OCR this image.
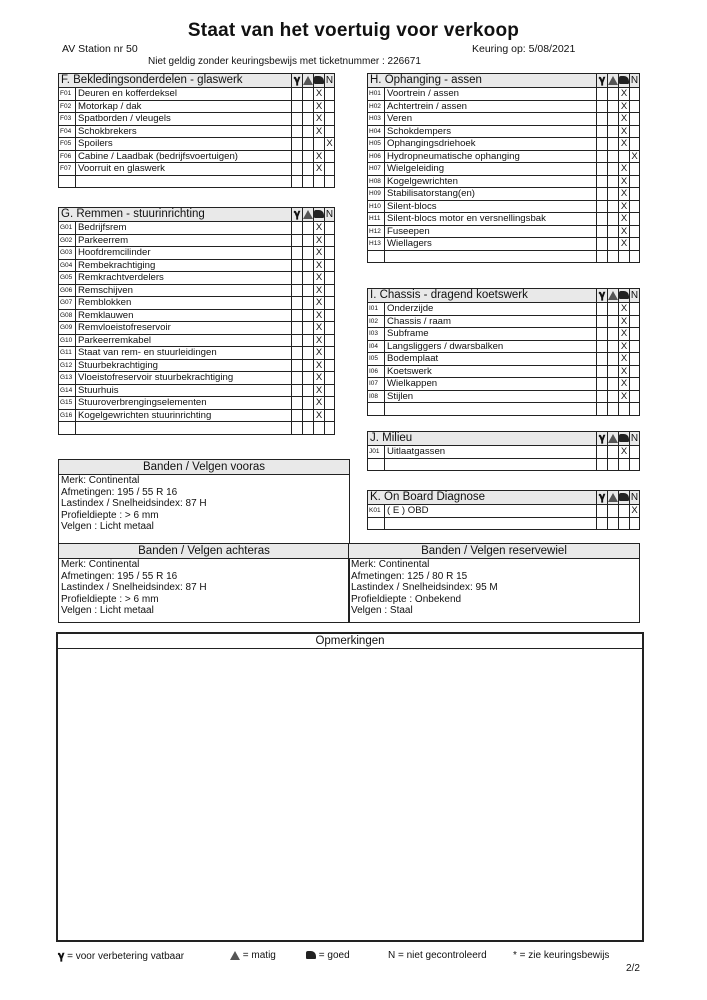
Staat van het voertuig voor verkoop
AV Station nr 50	Keuring op: 5/08/2021
Niet geldig zonder keuringsbewijs met ticketnummer : 226671
F. Bekledingsonderdelen - glaswerk		𝛄			N
F01	Deuren en kofferdeksel			X	
F02	Motorkap / dak			X	
F03	Spatborden / vleugels			X	
F04	Schokbrekers			X	
F05	Spoilers				X
F06	Cabine / Laadbak (bedrijfsvoertuigen)			X	
F07	Voorruit en glaswerk			X	

G. Remmen - stuurinrichting		𝛄			N
G01	Bedrijfsrem			X	
G02	Parkeerrem			X	
G03	Hoofdremcilinder			X	
G04	Rembekrachtiging			X	
G05	Remkrachtverdelers			X	
G06	Remschijven			X	
G07	Remblokken			X	
G08	Remklauwen			X	
G09	Remvloeistofreservoir			X	
G10	Parkeerremkabel			X	
G11	Staat van rem- en stuurleidingen			X	
G12	Stuurbekrachtiging			X	
G13	Vloeistofreservoir stuurbekrachtiging			X	
G14	Stuurhuis			X	
G15	Stuuroverbrengingselementen			X	
G16	Kogelgewrichten stuurinrichting			X	

H. Ophanging - assen		𝛄			N
H01	Voortrein / assen			X	
H02	Achtertrein / assen			X	
H03	Veren			X	
H04	Schokdempers			X	
H05	Ophangingsdriehoek			X	
H06	Hydropneumatische ophanging				X
H07	Wielgeleiding			X	
H08	Kogelgewrichten			X	
H09	Stabilisatorstang(en)			X	
H10	Silent-blocs			X	
H11	Silent-blocs motor en versnellingsbak			X	
H12	Fuseepen			X	
H13	Wiellagers			X	

I. Chassis - dragend koetswerk		𝛄			N
I01	Onderzijde			X	
I02	Chassis / raam			X	
I03	Subframe			X	
I04	Langsliggers / dwarsbalken			X	
I05	Bodemplaat			X	
I06	Koetswerk			X	
I07	Wielkappen			X	
I08	Stijlen			X	

J. Milieu		𝛄			N
J01	Uitlaatgassen			X	

K. On Board Diagnose		𝛄			N
K01	( E ) OBD				X

Banden / Velgen vooras
Merk: Continental
Afmetingen: 195 / 55 R 16
Lastindex / Snelheidsindex: 87 H
Profieldiepte : > 6 mm
Velgen : Licht metaal
Banden / Velgen achteras
Merk: Continental
Afmetingen: 195 / 55 R 16
Lastindex / Snelheidsindex: 87 H
Profieldiepte : > 6 mm
Velgen : Licht metaal
Banden / Velgen reservewiel
Merk: Continental
Afmetingen: 125 / 80 R 15
Lastindex / Snelheidsindex: 95 M
Profieldiepte : Onbekend
Velgen : Staal
Opmerkingen
𝛄 = voor verbetering vatbaar	= matig	= goed	N = niet gecontroleerd	* = zie keuringsbewijs
2/2
